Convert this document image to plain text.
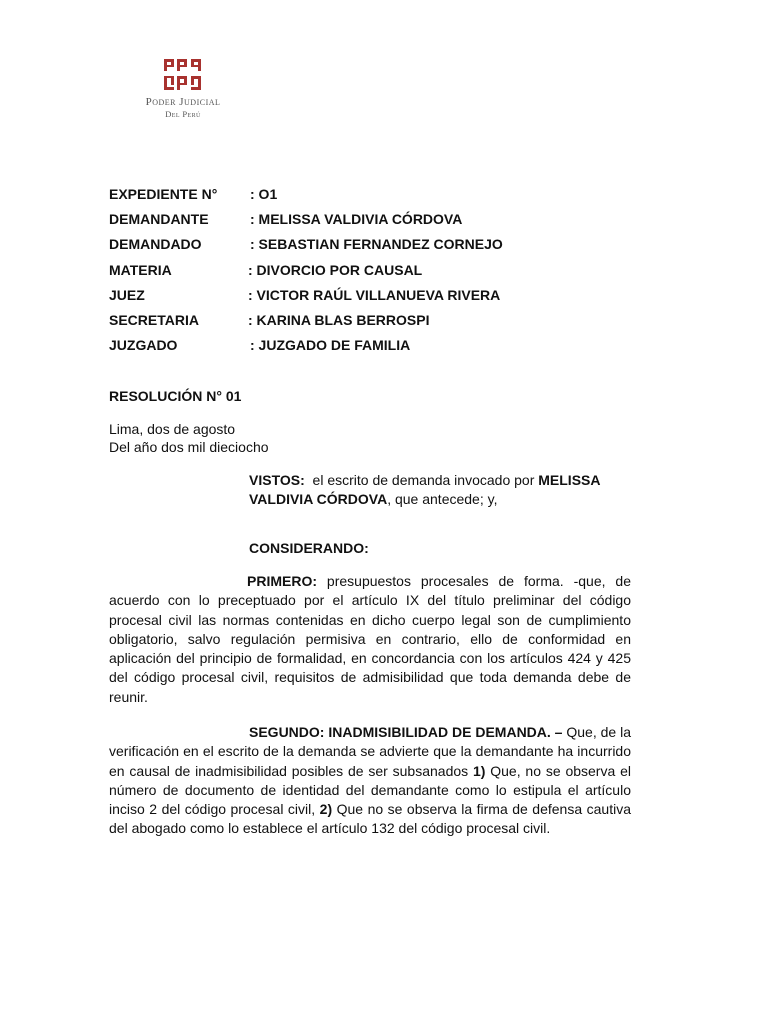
Poder Judicial
Del Perú
EXPEDIENTE N° : O1
DEMANDANTE	: MELISSA VALDIVIA CÓRDOVA
DEMANDADO	: SEBASTIAN FERNANDEZ CORNEJO
MATERIA	: DIVORCIO POR CAUSAL
JUEZ	: VICTOR RAÚL VILLANUEVA RIVERA
SECRETARIA	: KARINA BLAS BERROSPI
JUZGADO	: JUZGADO DE FAMILIA
RESOLUCIÓN N° 01
Lima, dos de agosto
Del año dos mil dieciocho
VISTOS:  el escrito de demanda invocado por MELISSA VALDIVIA CÓRDOVA, que antecede; y,
CONSIDERANDO:
PRIMERO: presupuestos procesales de forma. -que, de acuerdo con lo preceptuado por el artículo IX del título preliminar del código procesal civil las normas contenidas en dicho cuerpo legal son de cumplimiento obligatorio, salvo regulación permisiva en contrario, ello de conformidad en aplicación del principio de formalidad, en concordancia con los artículos 424 y 425 del código procesal civil, requisitos de admisibilidad que toda demanda debe de reunir.
SEGUNDO: INADMISIBILIDAD DE DEMANDA. – Que, de la verificación en el escrito de la demanda se advierte que la demandante ha incurrido en causal de inadmisibilidad posibles de ser subsanados 1) Que, no se observa el número de documento de identidad del demandante como lo estipula el artículo inciso 2 del código procesal civil, 2) Que no se observa la firma de defensa cautiva del abogado como lo establece el artículo 132 del código procesal civil.
